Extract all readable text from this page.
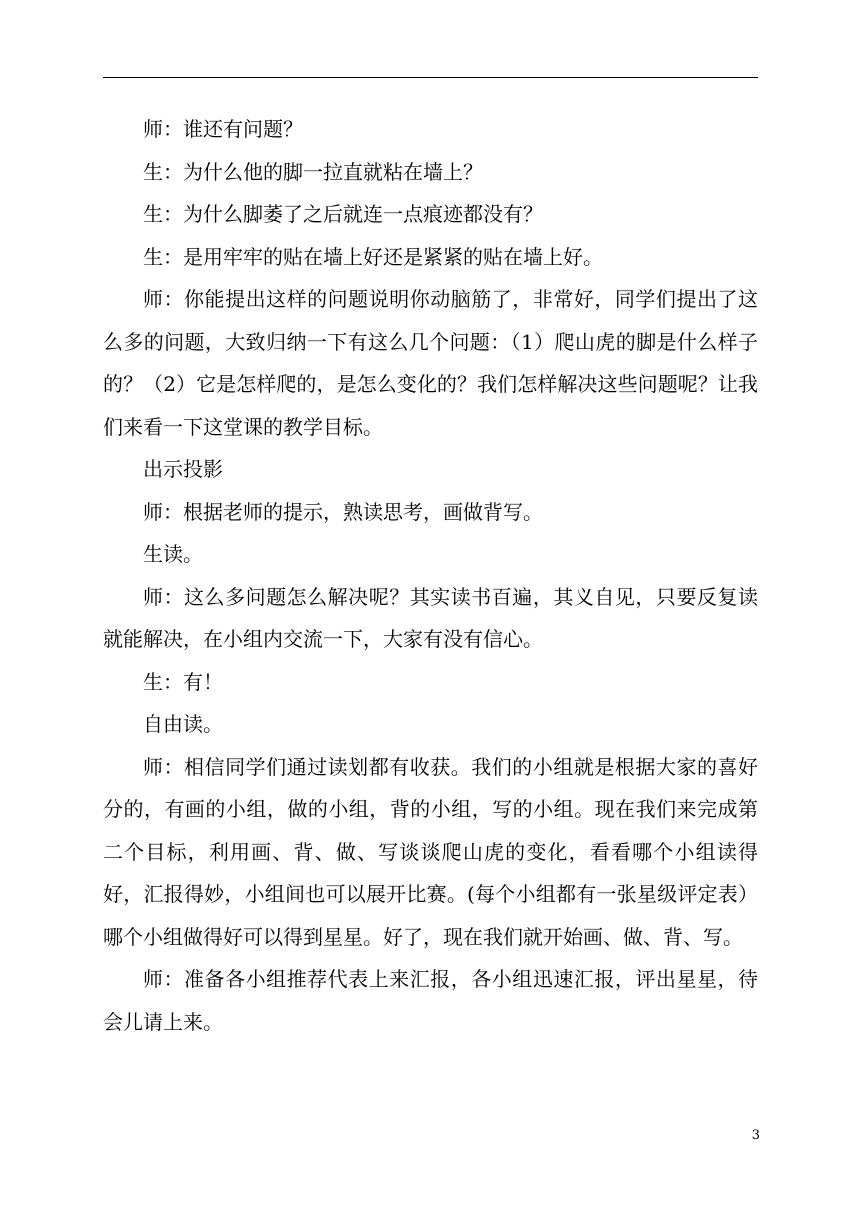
师：谁还有问题？

生：为什么他的脚一拉直就粘在墙上？

生：为什么脚萎了之后就连一点痕迹都没有？

生：是用牢牢的贴在墙上好还是紧紧的贴在墙上好。

师：你能提出这样的问题说明你动脑筋了，非常好，同学们提出了这么多的问题，大致归纳一下有这么几个问题：（1）爬山虎的脚是什么样子的？（2）它是怎样爬的，是怎么变化的？我们怎样解决这些问题呢？让我们来看一下这堂课的教学目标。

出示投影

师：根据老师的提示，熟读思考，画做背写。

生读。

师：这么多问题怎么解决呢？其实读书百遍，其义自见，只要反复读就能解决，在小组内交流一下，大家有没有信心。

生：有！

自由读。

师：相信同学们通过读划都有收获。我们的小组就是根据大家的喜好分的，有画的小组，做的小组，背的小组，写的小组。现在我们来完成第二个目标，利用画、背、做、写谈谈爬山虎的变化，看看哪个小组读得好，汇报得妙，小组间也可以展开比赛。(每个小组都有一张星级评定表）哪个小组做得好可以得到星星。好了，现在我们就开始画、做、背、写。

师：准备各小组推荐代表上来汇报，各小组迅速汇报，评出星星，待会儿请上来。

3
